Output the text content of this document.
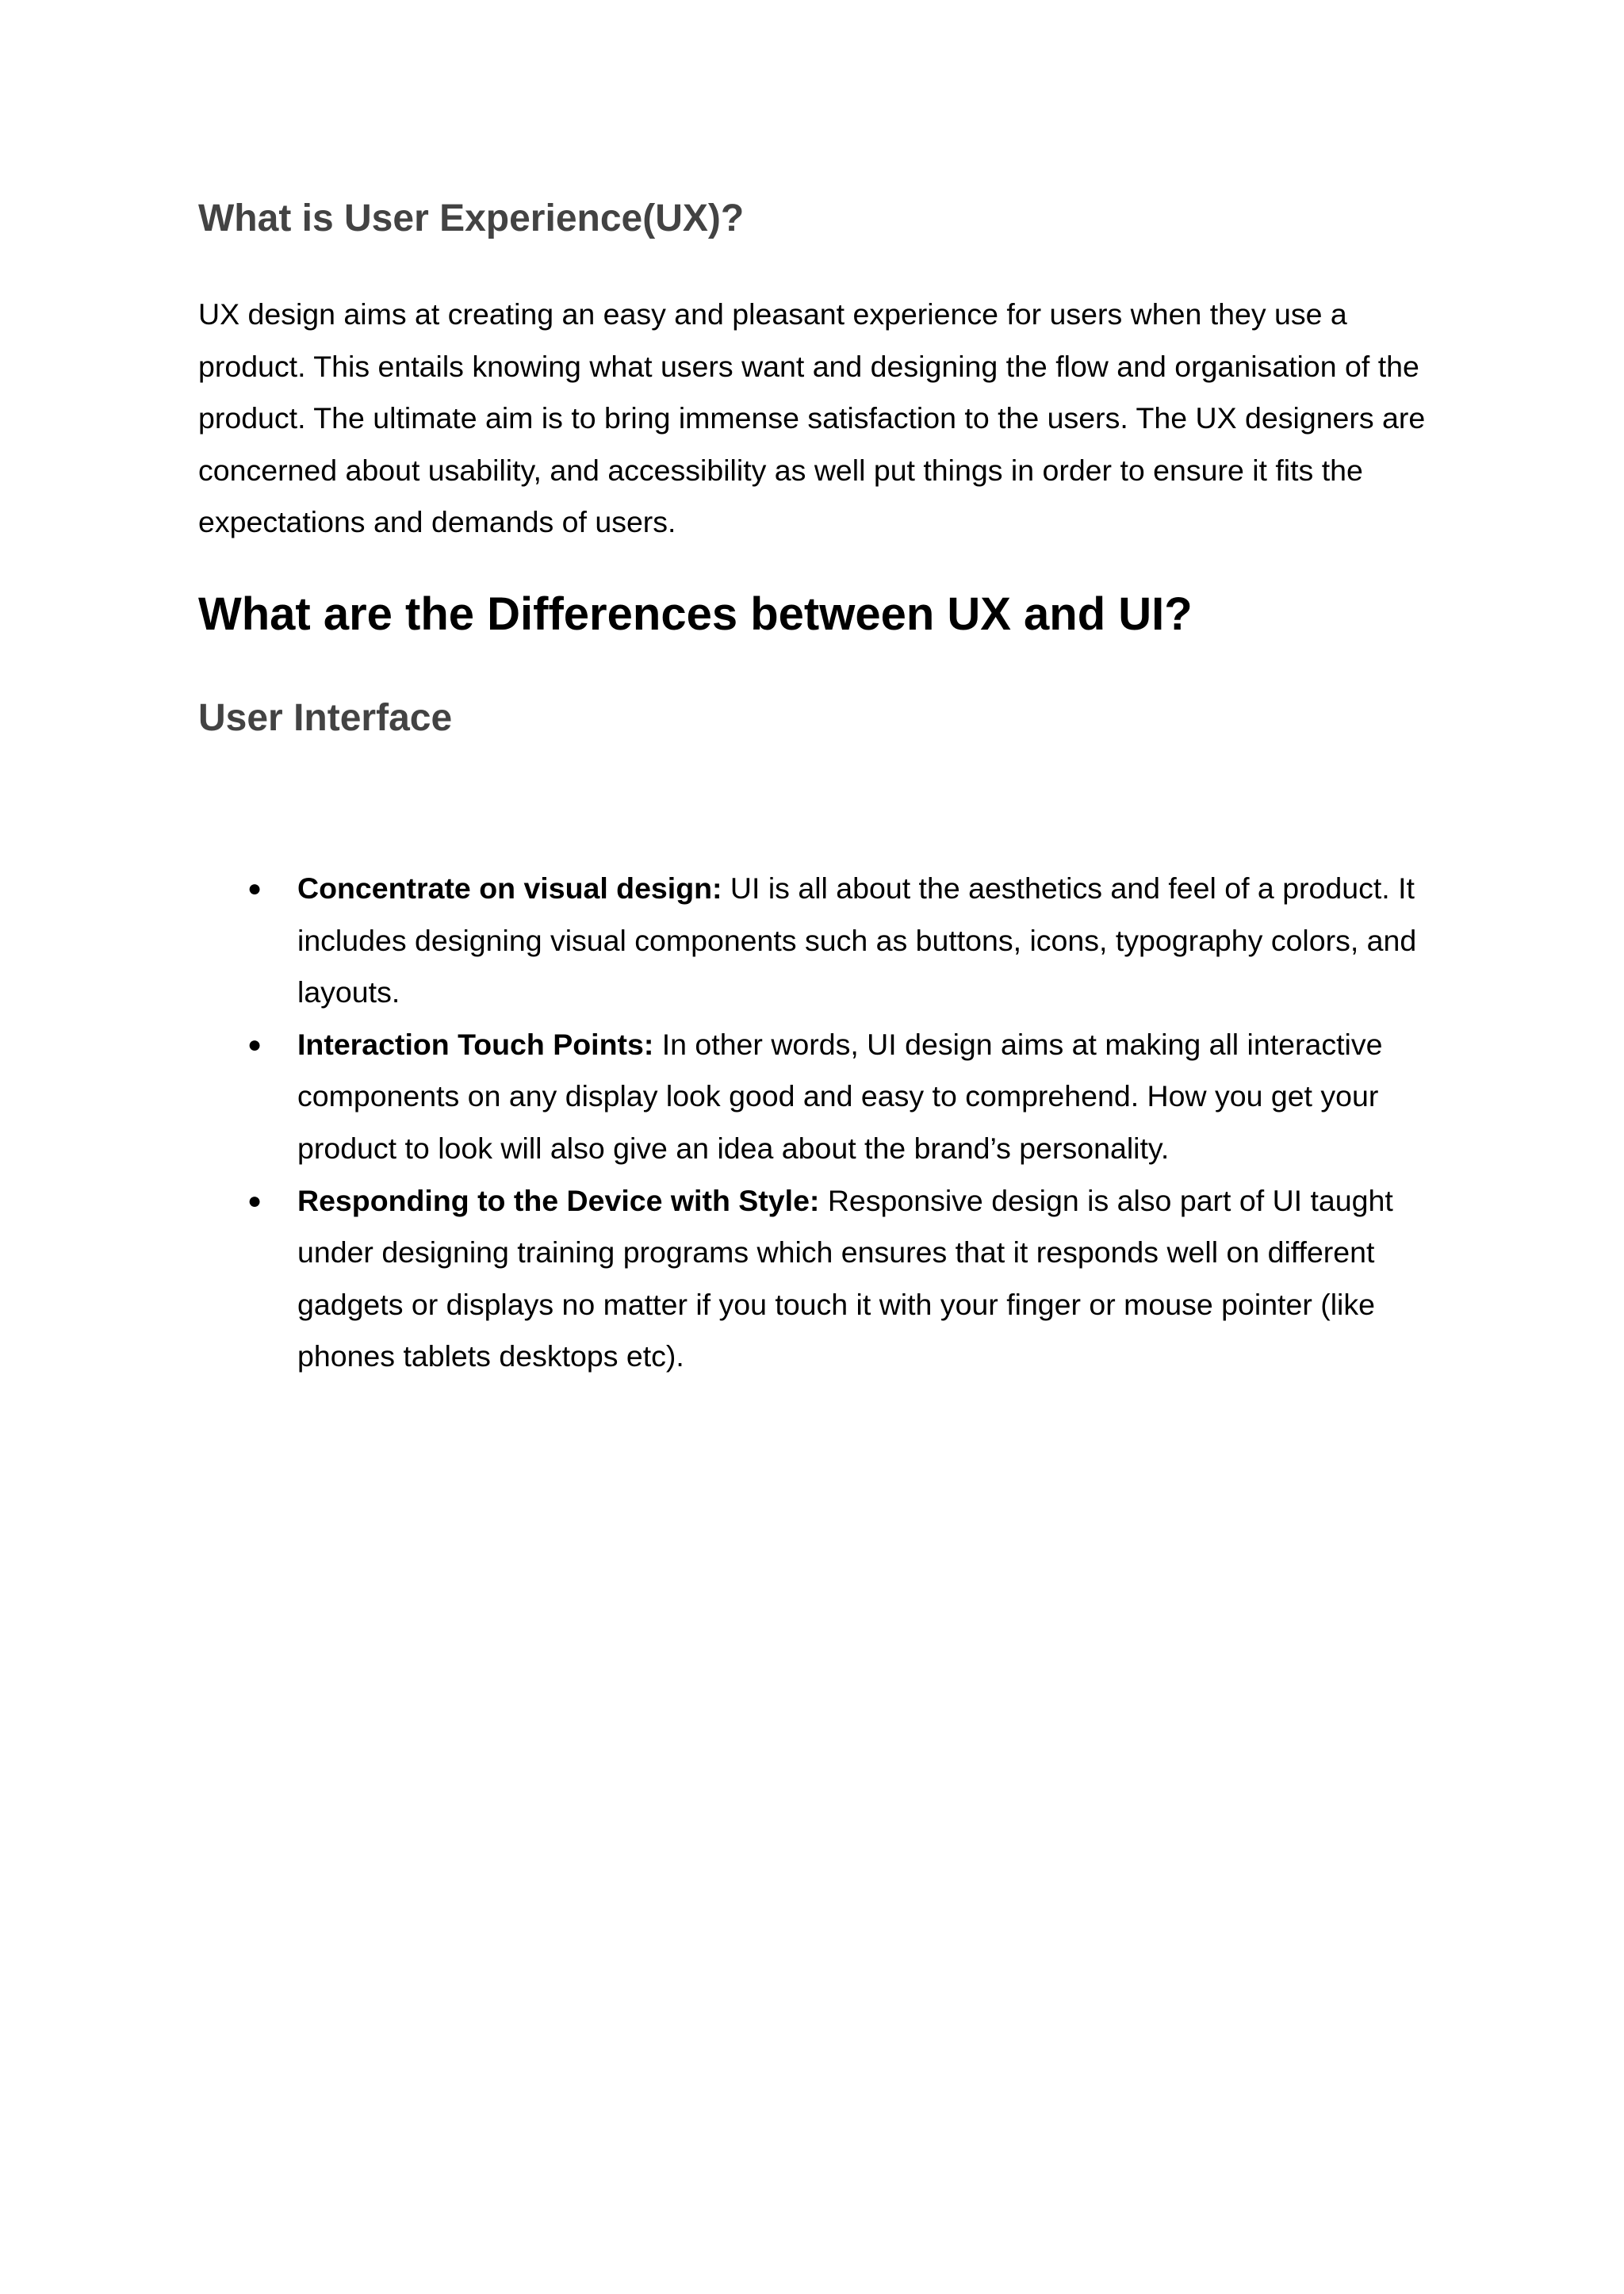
What is User Experience(UX)?

UX design aims at creating an easy and pleasant experience for users when they use a product. This entails knowing what users want and designing the flow and organisation of the product. The ultimate aim is to bring immense satisfaction to the users. The UX designers are concerned about usability, and accessibility as well put things in order to ensure it fits the expectations and demands of users.

What are the Differences between UX and UI?
User Interface
● Concentrate on visual design: UI is all about the aesthetics and feel of a product. It includes designing visual components such as buttons, icons, typography colors, and layouts.
● Interaction Touch Points: In other words, UI design aims at making all interactive components on any display look good and easy to comprehend. How you get your product to look will also give an idea about the brand’s personality.
● Responding to the Device with Style: Responsive design is also part of UI taught under designing training programs which ensures that it responds well on different gadgets or displays no matter if you touch it with your finger or mouse pointer (like phones tablets desktops etc).
